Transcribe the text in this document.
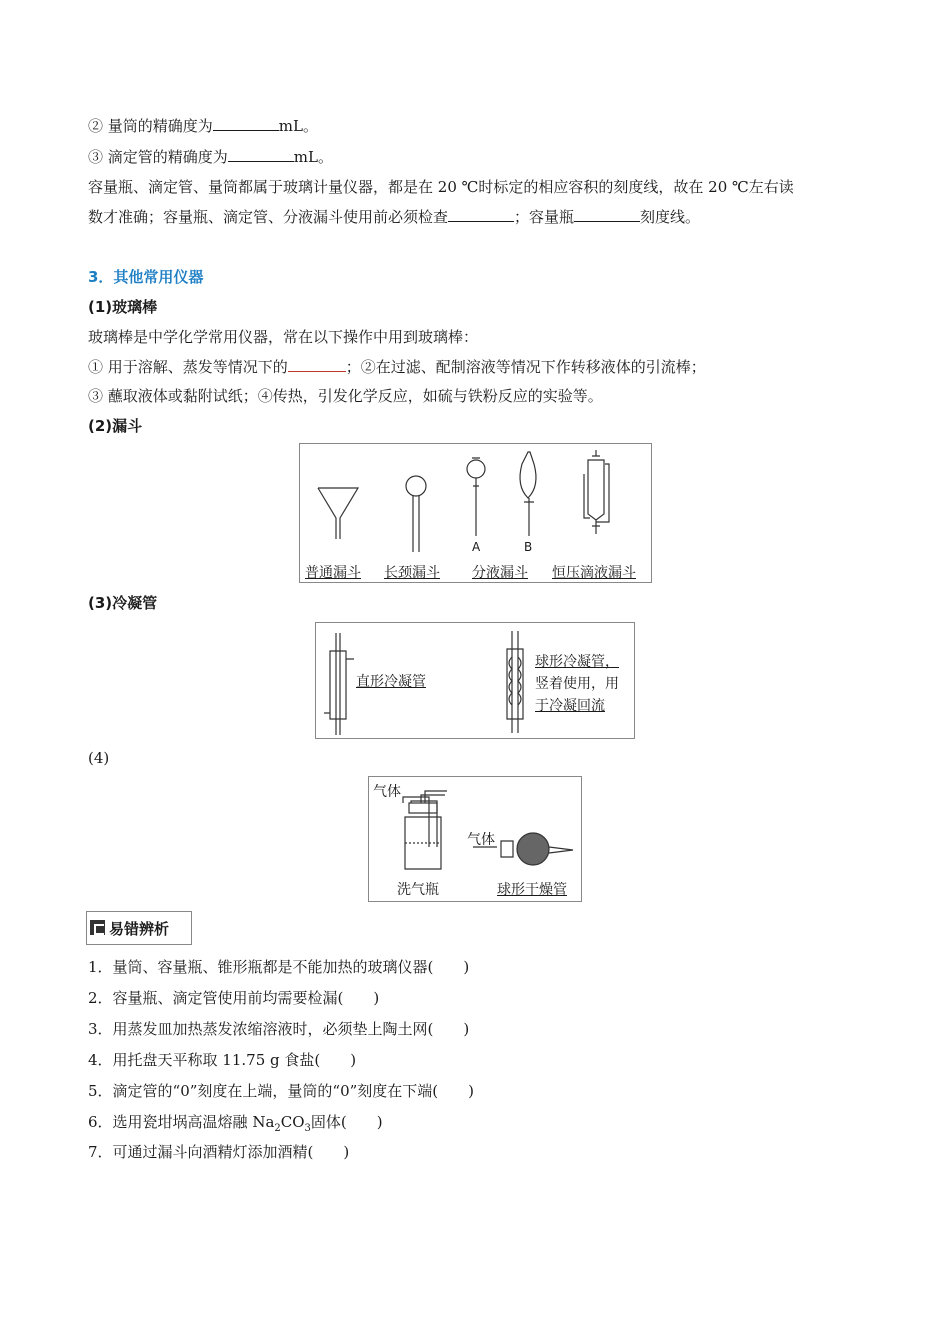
② 量筒的精确度为	mL。
③ 滴定管的精确度为	mL。
容量瓶、滴定管、量筒都属于玻璃计量仪器，都是在 20 ℃时标定的相应容积的刻度线，故在 20 ℃左右读
数才准确；容量瓶、滴定管、分液漏斗使用前必须检查	；容量瓶	刻度线。
3．其他常用仪器
(1)玻璃棒
玻璃棒是中学化学常用仪器，常在以下操作中用到玻璃棒：
① 用于溶解、蒸发等情况下的	；②在过滤、配制溶液等情况下作转移液体的引流棒；
③ 蘸取液体或黏附试纸；④传热，引发化学反应，如硫与铁粉反应的实验等。
(2)漏斗
A	B
普通漏斗 长颈漏斗 分液漏斗 恒压滴液漏斗
(3)冷凝管
直形冷凝管
球形冷凝管，
竖着使用，用
于冷凝回流
(4)
气体
气体
洗气瓶	球形干燥管
易错辨析
1．量筒、容量瓶、锥形瓶都是不能加热的玻璃仪器(　　)
2．容量瓶、滴定管使用前均需要检漏(　　)
3．用蒸发皿加热蒸发浓缩溶液时，必须垫上陶土网(　　)
4．用托盘天平称取 11.75 g 食盐(　　)
5．滴定管的“0”刻度在上端，量筒的“0”刻度在下端(　　)
6．选用瓷坩埚高温熔融 $Na_2CO_3$固体(　　)
7．可通过漏斗向酒精灯添加酒精(　　)
